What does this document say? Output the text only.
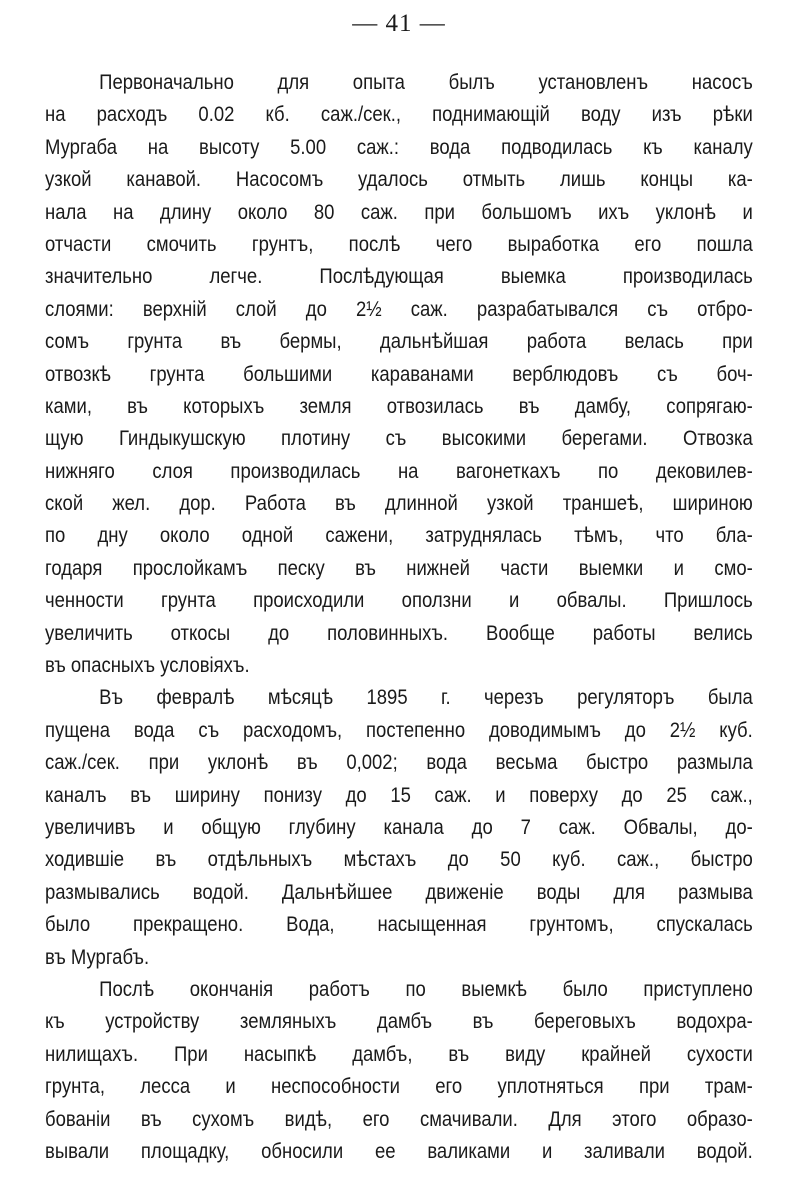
— 41 —
Первоначально для опыта былъ установленъ насосъ
на расходъ 0.02 кб. саж./сек., поднимающій воду изъ рѣки
Мургаба на высоту 5.00 саж.: вода подводилась къ каналу
узкой канавой. Насосомъ удалось отмыть лишь концы ка-
нала на длину около 80 саж. при большомъ ихъ уклонѣ и
отчасти смочить грунтъ, послѣ чего выработка его пошла
значительно легче. Послѣдующая выемка производилась
слоями: верхній слой до 2½ саж. разрабатывался съ отбро-
сомъ грунта въ бермы, дальнѣйшая работа велась при
отвозкѣ грунта большими караванами верблюдовъ съ боч-
ками, въ которыхъ земля отвозилась въ дамбу, сопрягаю-
щую Гиндыкушскую плотину съ высокими берегами. Отвозка
нижняго слоя производилась на вагонеткахъ по дековилев-
ской жел. дор. Работа въ длинной узкой траншеѣ, шириною
по дну около одной сажени, затруднялась тѣмъ, что бла-
годаря прослойкамъ песку въ нижней части выемки и смо-
ченности грунта происходили оползни и обвалы. Пришлось
увеличить откосы до половинныхъ. Вообще работы велись
въ опасныхъ условіяхъ.
Въ февралѣ мѣсяцѣ 1895 г. черезъ регуляторъ была
пущена вода съ расходомъ, постепенно доводимымъ до 2½ куб.
саж./сек. при уклонѣ въ 0,002; вода весьма быстро размыла
каналъ въ ширину понизу до 15 саж. и поверху до 25 саж.,
увеличивъ и общую глубину канала до 7 саж. Обвалы, до-
ходившіе въ отдѣльныхъ мѣстахъ до 50 куб. саж., быстро
размывались водой. Дальнѣйшее движеніе воды для размыва
было прекращено. Вода, насыщенная грунтомъ, спускалась
въ Мургабъ.
Послѣ окончанія работъ по выемкѣ было приступлено
къ устройству земляныхъ дамбъ въ береговыхъ водохра-
нилищахъ. При насыпкѣ дамбъ, въ виду крайней сухости
грунта, лесса и неспособности его уплотняться при трам-
бованіи въ сухомъ видѣ, его смачивали. Для этого образо-
вывали площадку, обносили ее валиками и заливали водой.
